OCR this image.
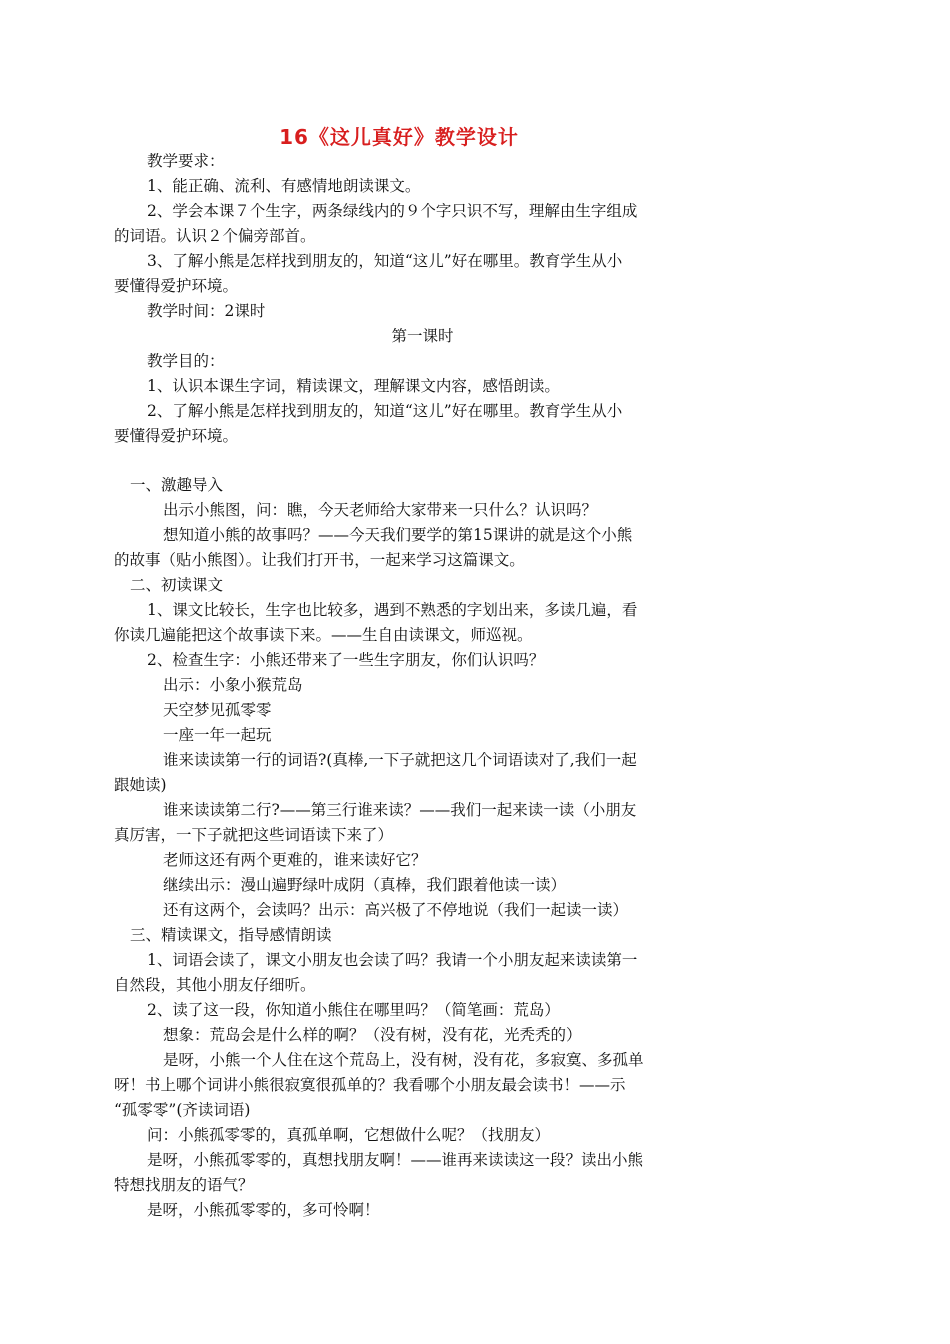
16《这儿真好》教学设计
教学要求：
1、能正确、流利、有感情地朗读课文。
2、学会本课７个生字，两条绿线内的９个字只识不写，理解由生字组成
的词语。认识２个偏旁部首。
3、了解小熊是怎样找到朋友的，知道“这儿”好在哪里。教育学生从小
要懂得爱护环境。
教学时间：2课时
第一课时
教学目的：
1、认识本课生字词，精读课文，理解课文内容，感悟朗读。
2、了解小熊是怎样找到朋友的，知道“这儿”好在哪里。教育学生从小
要懂得爱护环境。
一、激趣导入
出示小熊图，问：瞧，今天老师给大家带来一只什么？认识吗？
想知道小熊的故事吗？——今天我们要学的第15课讲的就是这个小熊
的故事（贴小熊图）。让我们打开书，一起来学习这篇课文。
二、初读课文
1、课文比较长，生字也比较多，遇到不熟悉的字划出来，多读几遍，看
你读几遍能把这个故事读下来。——生自由读课文，师巡视。
2、检查生字：小熊还带来了一些生字朋友，你们认识吗？
出示：小象小猴荒岛
天空梦见孤零零
一座一年一起玩
谁来读读第一行的词语?(真棒,一下子就把这几个词语读对了,我们一起
跟她读)
谁来读读第二行?——第三行谁来读？——我们一起来读一读（小朋友
真厉害，一下子就把这些词语读下来了）
老师这还有两个更难的，谁来读好它？
继续出示：漫山遍野绿叶成阴（真棒，我们跟着他读一读）
还有这两个，会读吗？出示：高兴极了不停地说（我们一起读一读）
三、精读课文，指导感情朗读
1、词语会读了，课文小朋友也会读了吗？我请一个小朋友起来读读第一
自然段，其他小朋友仔细听。
2、读了这一段，你知道小熊住在哪里吗？（简笔画：荒岛）
想象：荒岛会是什么样的啊？（没有树，没有花，光秃秃的）
是呀，小熊一个人住在这个荒岛上，没有树，没有花，多寂寞、多孤单
呀！书上哪个词讲小熊很寂寞很孤单的？我看哪个小朋友最会读书！——示
“孤零零”(齐读词语)
问：小熊孤零零的，真孤单啊，它想做什么呢？（找朋友）
是呀，小熊孤零零的，真想找朋友啊！——谁再来读读这一段？读出小熊
特想找朋友的语气？
是呀，小熊孤零零的，多可怜啊！
